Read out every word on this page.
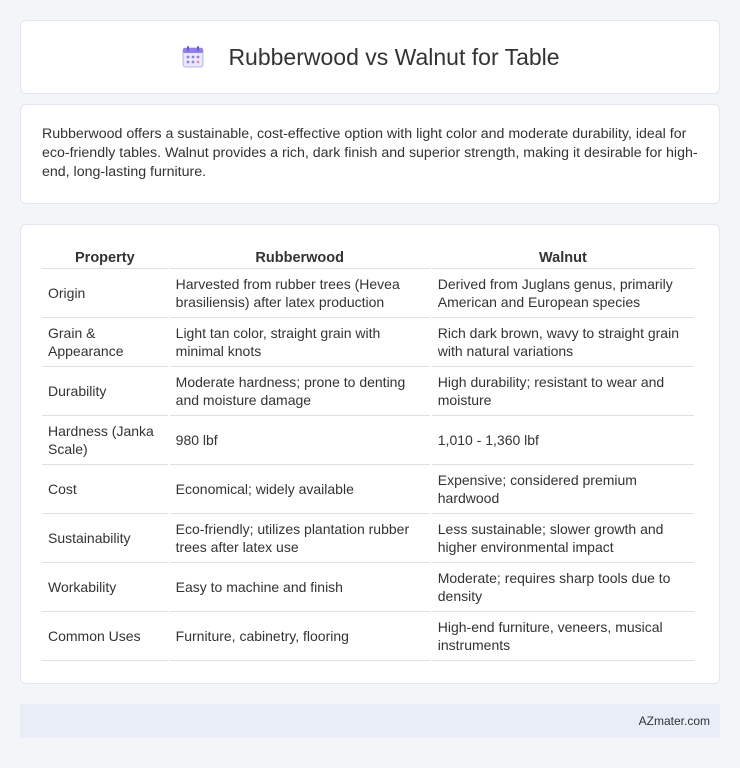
Rubberwood vs Walnut for Table

Rubberwood offers a sustainable, cost-effective option with light color and moderate durability, ideal for eco-friendly tables. Walnut provides a rich, dark finish and superior strength, making it desirable for high-end, long-lasting furniture.

Property	Rubberwood	Walnut
Origin	Harvested from rubber trees (Hevea brasiliensis) after latex production	Derived from Juglans genus, primarily American and European species
Grain & Appearance	Light tan color, straight grain with minimal knots	Rich dark brown, wavy to straight grain with natural variations
Durability	Moderate hardness; prone to denting and moisture damage	High durability; resistant to wear and moisture
Hardness (Janka Scale)	980 lbf	1,010 - 1,360 lbf
Cost	Economical; widely available	Expensive; considered premium hardwood
Sustainability	Eco-friendly; utilizes plantation rubber trees after latex use	Less sustainable; slower growth and higher environmental impact
Workability	Easy to machine and finish	Moderate; requires sharp tools due to density
Common Uses	Furniture, cabinetry, flooring	High-end furniture, veneers, musical instruments
AZmater.com
